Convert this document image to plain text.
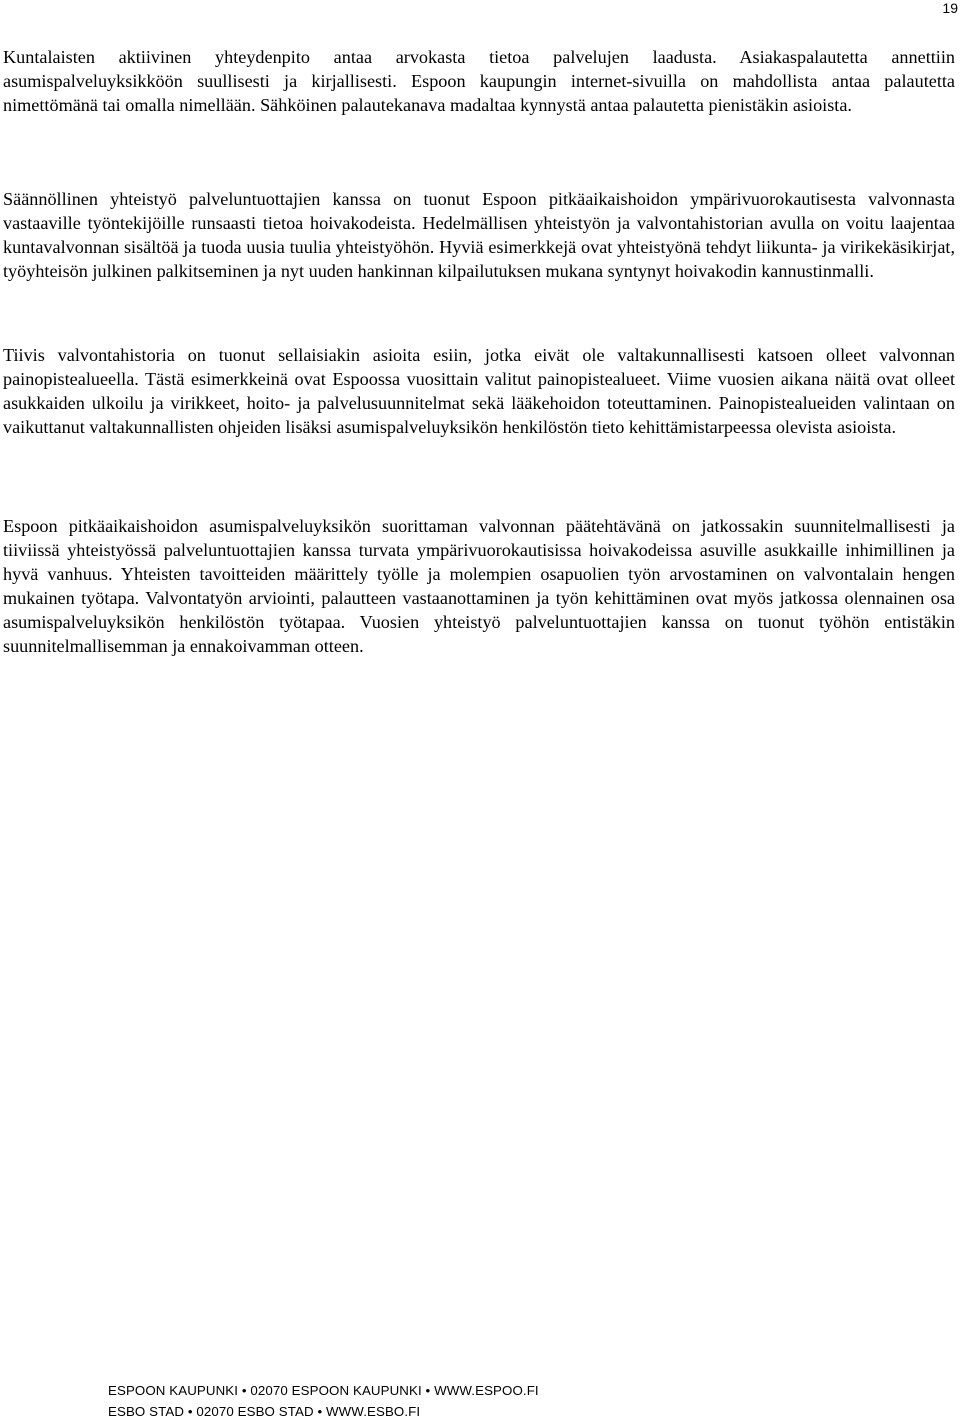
19

Kuntalaisten aktiivinen yhteydenpito antaa arvokasta tietoa palvelujen laadusta. Asiakaspalautetta annettiin asumispalveluyksikköön suullisesti ja kirjallisesti. Espoon kaupungin internet-sivuilla on mahdollista antaa palautetta nimettömänä tai omalla nimellään. Sähköinen palautekanava madaltaa kynnystä antaa palautetta pienistäkin asioista.

Säännöllinen yhteistyö palveluntuottajien kanssa on tuonut Espoon pitkäaikaishoidon ympärivuorokautisesta valvonnasta vastaaville työntekijöille runsaasti tietoa hoivakodeista. Hedelmällisen yhteistyön ja valvontahistorian avulla on voitu laajentaa kuntavalvonnan sisältöä ja tuoda uusia tuulia yhteistyöhön. Hyviä esimerkkejä ovat yhteistyönä tehdyt liikunta- ja virikekäsikirjat, työyhteisön julkinen palkitseminen ja nyt uuden hankinnan kilpailutuksen mukana syntynyt hoivakodin kannustinmalli.

Tiivis valvontahistoria on tuonut sellaisiakin asioita esiin, jotka eivät ole valtakunnallisesti katsoen olleet valvonnan painopistealueella. Tästä esimerkkeinä ovat Espoossa vuosittain valitut painopistealueet. Viime vuosien aikana näitä ovat olleet asukkaiden ulkoilu ja virikkeet, hoito- ja palvelusuunnitelmat sekä lääkehoidon toteuttaminen. Painopistealueiden valintaan on vaikuttanut valtakunnallisten ohjeiden lisäksi asumispalveluyksikön henkilöstön tieto kehittämistarpeessa olevista asioista.

Espoon pitkäaikaishoidon asumispalveluyksikön suorittaman valvonnan päätehtävänä on jatkossakin suunnitelmallisesti ja tiiviissä yhteistyössä palveluntuottajien kanssa turvata ympärivuorokautisissa hoivakodeissa asuville asukkaille inhimillinen ja hyvä vanhuus. Yhteisten tavoitteiden määrittely työlle ja molempien osapuolien työn arvostaminen on valvontalain hengen mukainen työtapa. Valvontatyön arviointi, palautteen vastaanottaminen ja työn kehittäminen ovat myös jatkossa olennainen osa asumispalveluyksikön henkilöstön työtapaa. Vuosien yhteistyö palveluntuottajien kanssa on tuonut työhön entistäkin suunnitelmallisemman ja ennakoivamman otteen.

ESPOON KAUPUNKI • 02070 ESPOON KAUPUNKI • WWW.ESPOO.FI
ESBO STAD • 02070 ESBO STAD • WWW.ESBO.FI
